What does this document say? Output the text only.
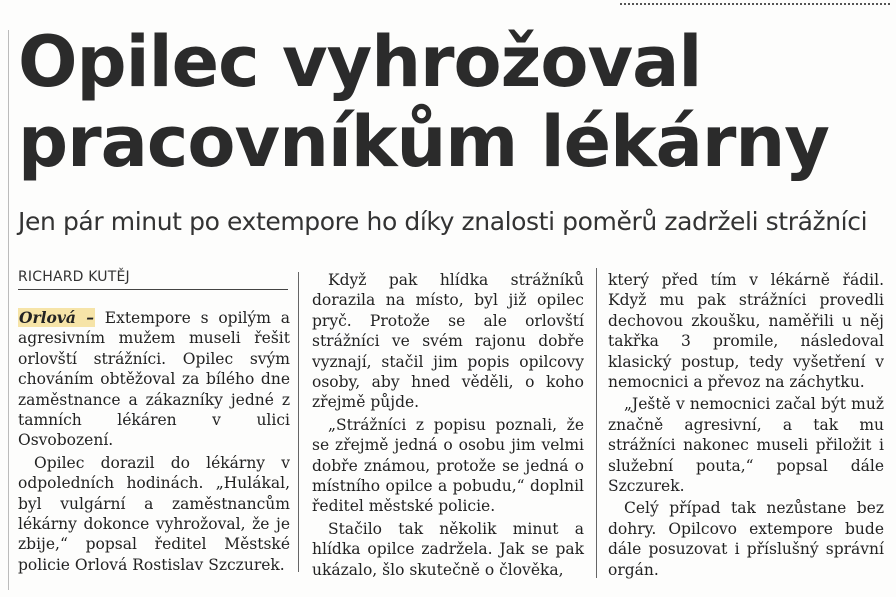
Opilec vyhrožoval
pracovníkům lékárny
Jen pár minut po extempore ho díky znalosti poměrů zadrželi strážníci
RICHARD KUTĚJ

Orlová – Extempore s opilým a agresivním mužem museli řešit orlovští strážníci. Opilec svým chováním obtěžoval za bílého dne zaměstnance a zákazníky jedné z tamních lékáren v ulici Osvobození.

Opilec dorazil do lékárny v odpoledních hodinách. „Hulákal, byl vulgární a zaměstnancům lékárny dokonce vyhrožoval, že je zbije,“ popsal ředitel Městské policie Orlová Rostislav Szczurek.

Když pak hlídka strážníků dorazila na místo, byl již opilec pryč. Protože se ale orlovští strážníci ve svém rajonu dobře vyznají, stačil jim popis opilcovy osoby, aby hned věděli, o koho zřejmě půjde.

„Strážníci z popisu poznali, že se zřejmě jedná o osobu jim velmi dobře známou, protože se jedná o místního opilce a pobudu,“ doplnil ředitel městské policie.

Stačilo tak několik minut a hlídka opilce zadržela. Jak se pak ukázalo, šlo skutečně o člověka,

který před tím v lékárně řádil. Když mu pak strážníci provedli dechovou zkoušku, naměřili u něj takřka 3 promile, následoval klasický postup, tedy vyšetření v nemocnici a převoz na záchytku.

„Ještě v nemocnici začal být muž značně agresivní, a tak mu strážníci nakonec museli přiložit i služební pouta,“ popsal dále Szczurek.

Celý případ tak nezůstane bez dohry. Opilcovo extempore bude dále posuzovat i příslušný správní orgán.
